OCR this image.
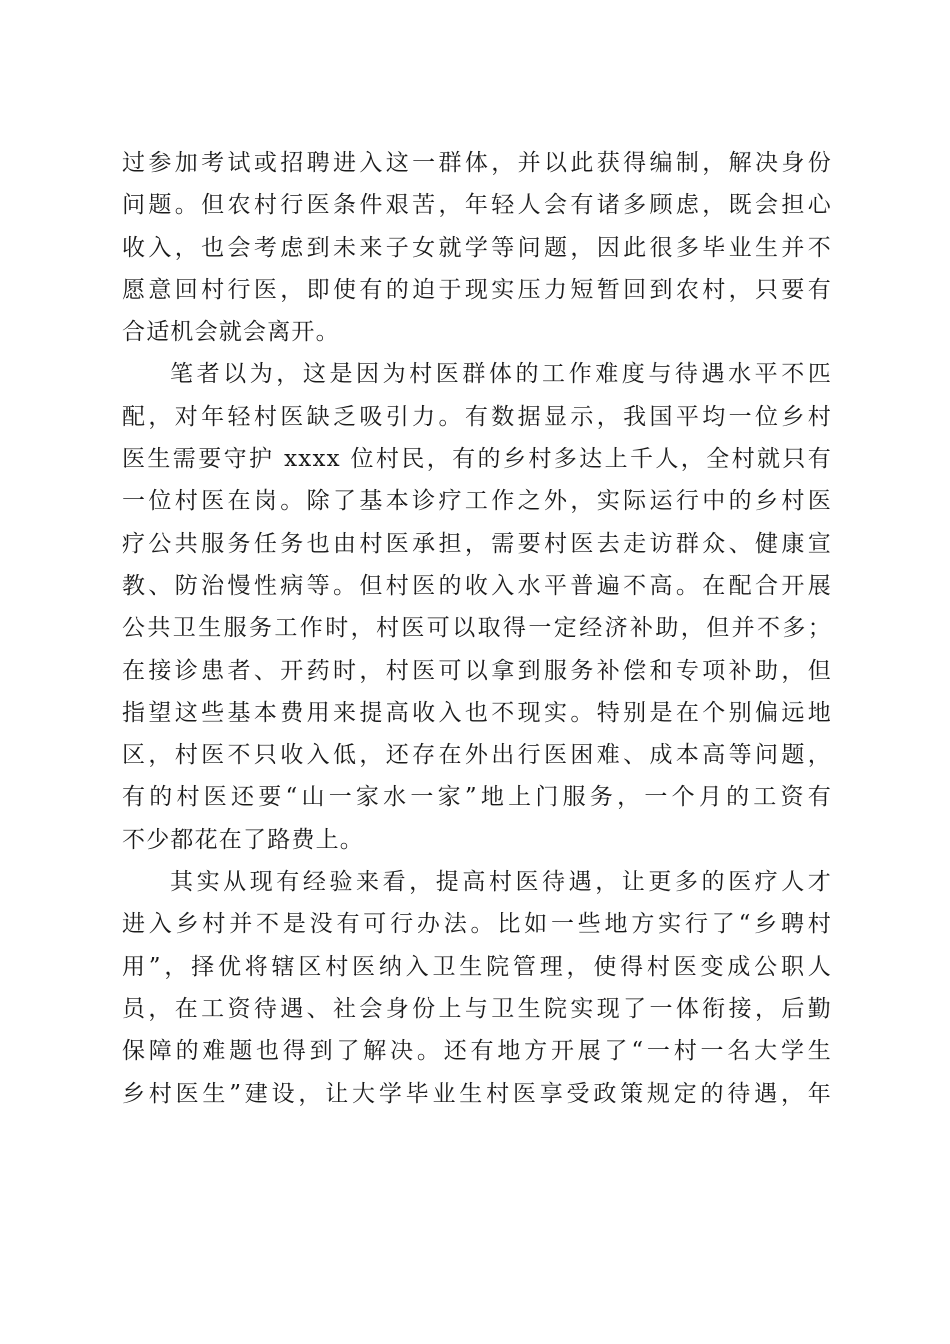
过参加考试或招聘进入这一群体，并以此获得编制，解决身份
问题。但农村行医条件艰苦，年轻人会有诸多顾虑，既会担心
收入，也会考虑到未来子女就学等问题，因此很多毕业生并不
愿意回村行医，即使有的迫于现实压力短暂回到农村，只要有
合适机会就会离开。

笔者以为，这是因为村医群体的工作难度与待遇水平不匹
配，对年轻村医缺乏吸引力。有数据显示，我国平均一位乡村
医生需要守护 xxxx 位村民，有的乡村多达上千人，全村就只有
一位村医在岗。除了基本诊疗工作之外，实际运行中的乡村医
疗公共服务任务也由村医承担，需要村医去走访群众、健康宣
教、防治慢性病等。但村医的收入水平普遍不高。在配合开展
公共卫生服务工作时，村医可以取得一定经济补助，但并不多；
在接诊患者、开药时，村医可以拿到服务补偿和专项补助，但
指望这些基本费用来提高收入也不现实。特别是在个别偏远地
区，村医不只收入低，还存在外出行医困难、成本高等问题，
有的村医还要“山一家水一家”地上门服务，一个月的工资有
不少都花在了路费上。

其实从现有经验来看，提高村医待遇，让更多的医疗人才
进入乡村并不是没有可行办法。比如一些地方实行了“乡聘村
用”，择优将辖区村医纳入卫生院管理，使得村医变成公职人
员，在工资待遇、社会身份上与卫生院实现了一体衔接，后勤
保障的难题也得到了解决。还有地方开展了“一村一名大学生
乡村医生”建设，让大学毕业生村医享受政策规定的待遇，年
